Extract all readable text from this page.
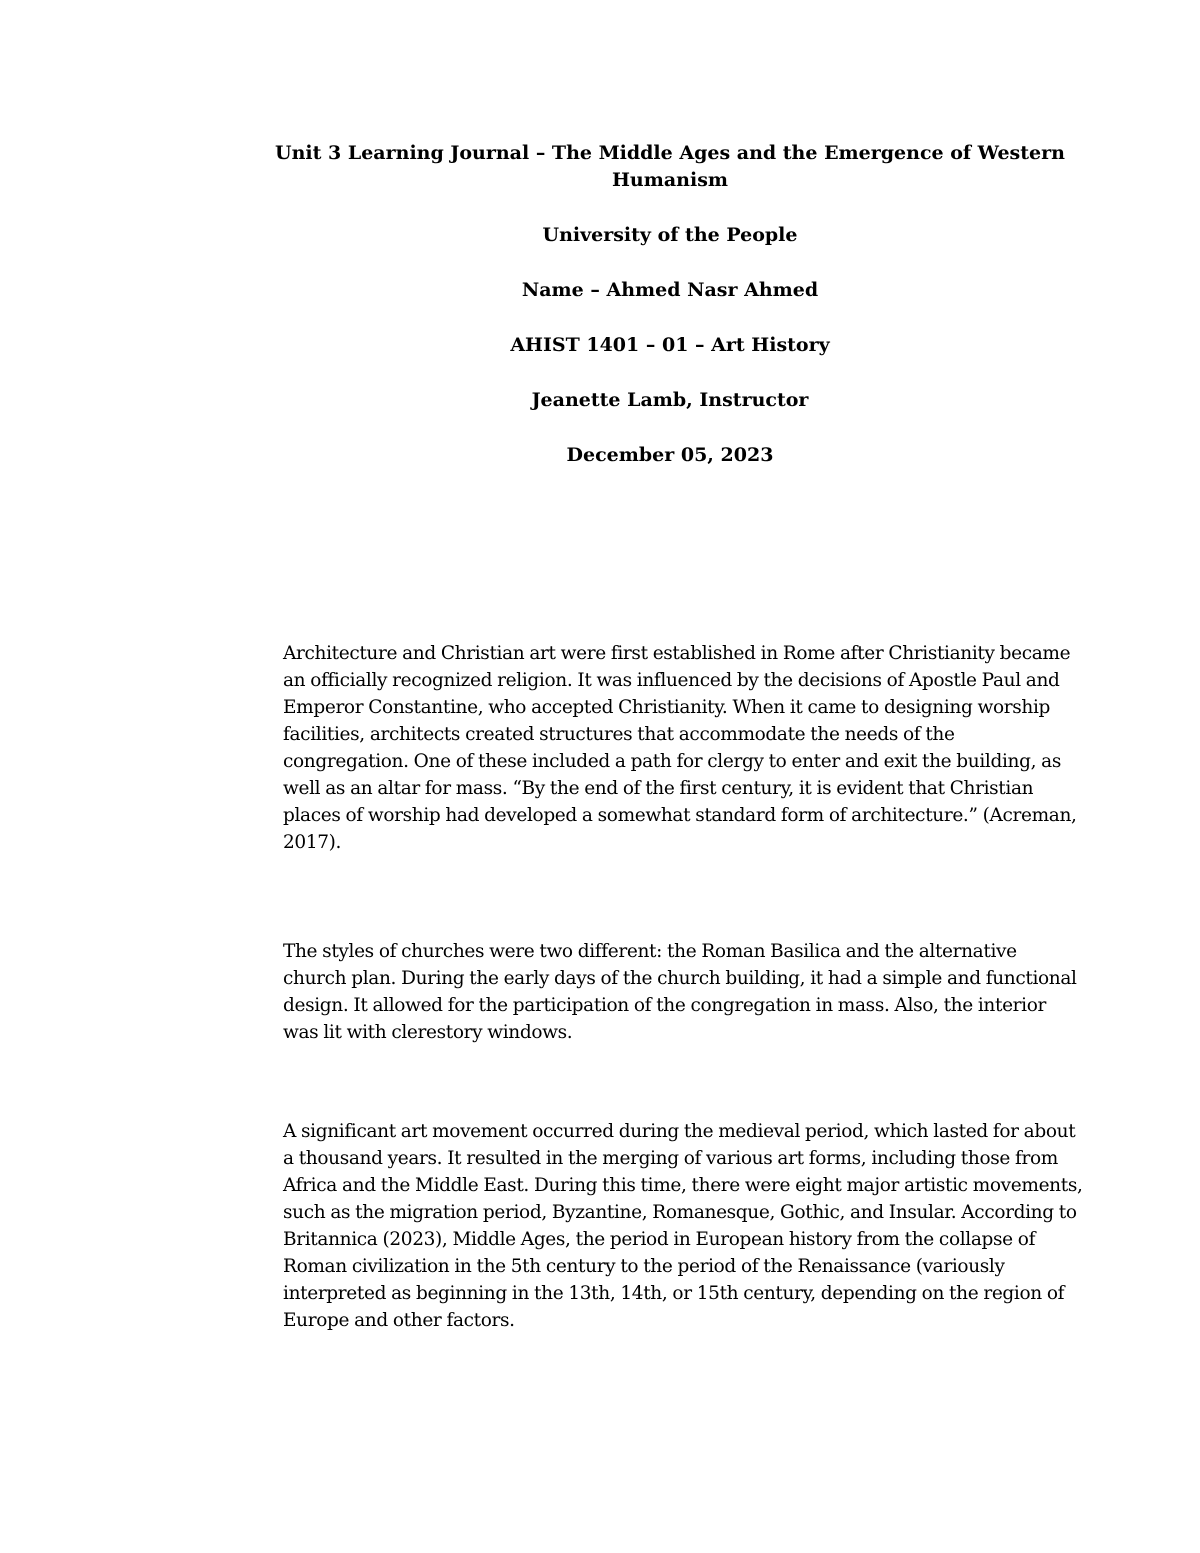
Unit 3 Learning Journal – The Middle Ages and the Emergence of Western Humanism

University of the People

Name – Ahmed Nasr Ahmed

AHIST 1401 – 01 – Art History

Jeanette Lamb, Instructor

December 05, 2023

Architecture and Christian art were first established in Rome after Christianity became an officially recognized religion. It was influenced by the decisions of Apostle Paul and Emperor Constantine, who accepted Christianity. When it came to designing worship facilities, architects created structures that accommodate the needs of the congregation. One of these included a path for clergy to enter and exit the building, as well as an altar for mass. “By the end of the first century, it is evident that Christian places of worship had developed a somewhat standard form of architecture.” (Acreman, 2017).

The styles of churches were two different: the Roman Basilica and the alternative church plan. During the early days of the church building, it had a simple and functional design. It allowed for the participation of the congregation in mass. Also, the interior was lit with clerestory windows.

A significant art movement occurred during the medieval period, which lasted for about a thousand years. It resulted in the merging of various art forms, including those from Africa and the Middle East. During this time, there were eight major artistic movements, such as the migration period, Byzantine, Romanesque, Gothic, and Insular. According to Britannica (2023), Middle Ages, the period in European history from the collapse of Roman civilization in the 5th century to the period of the Renaissance (variously interpreted as beginning in the 13th, 14th, or 15th century, depending on the region of Europe and other factors.
